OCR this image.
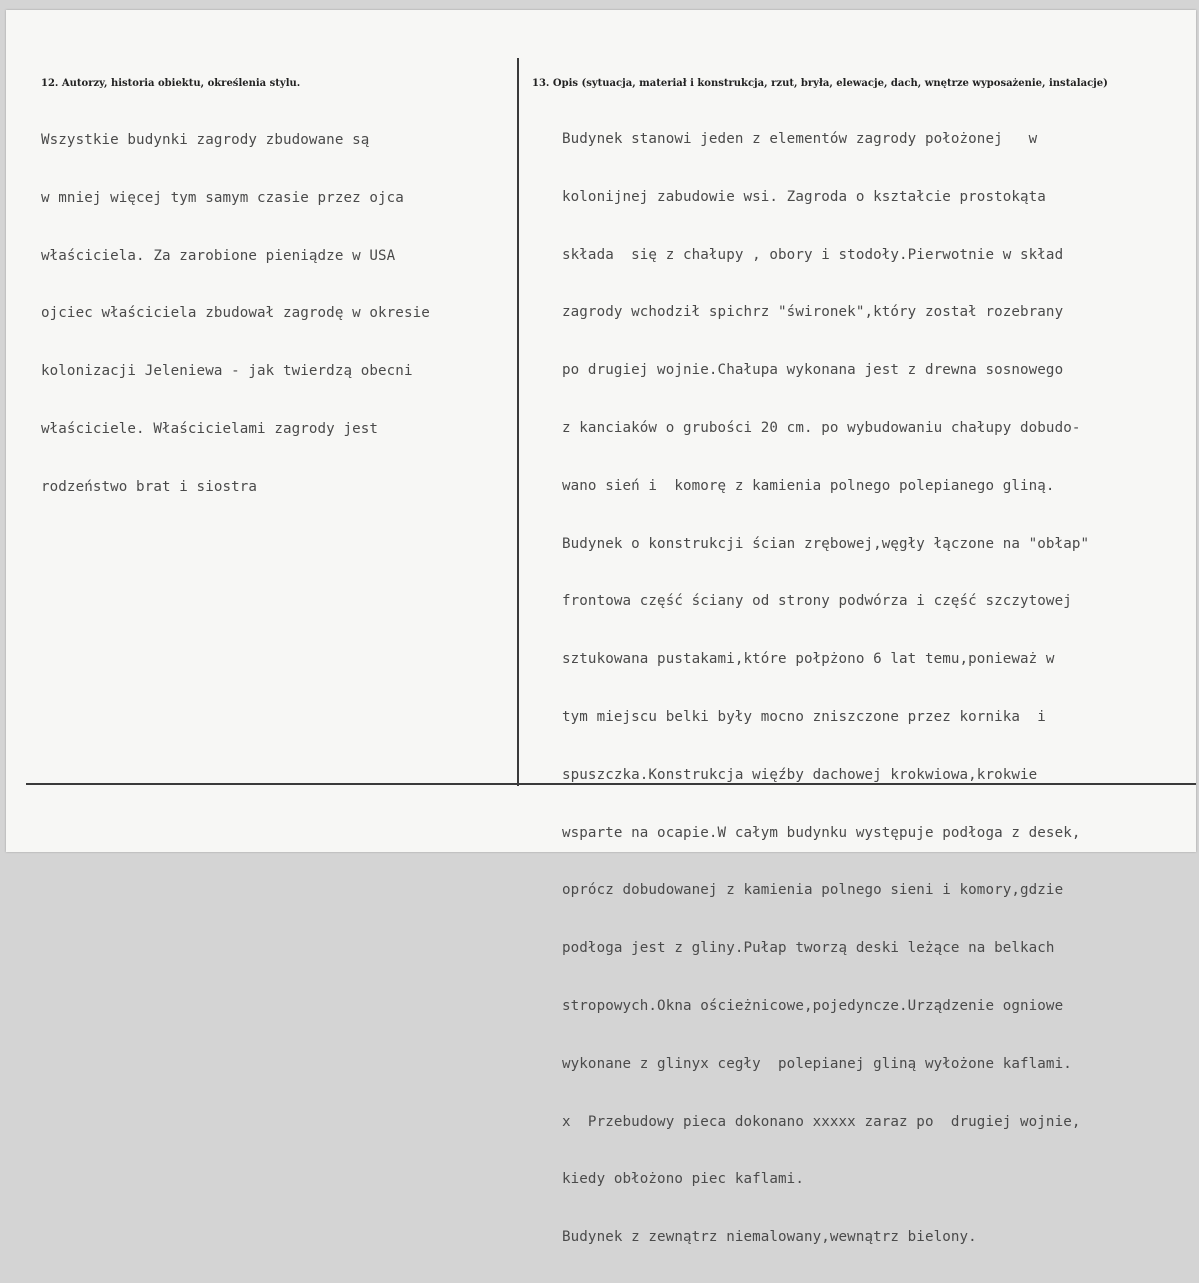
12. Autorzy, historia obiektu, określenia stylu.	13. Opis (sytuacja, materiał i konstrukcja, rzut, bryła, elewacje, dach, wnętrze wyposażenie, instalacje)

Wszystkie budynki zagrody zbudowane są

w mniej więcej tym samym czasie przez ojca

właściciela. Za zarobione pieniądze w USA

ojciec właściciela zbudował zagrodę w okresie

kolonizacji Jeleniewa - jak twierdzą obecni

właściciele. Właścicielami zagrody jest

rodzeństwo brat i siostra

Budynek stanowi jeden z elementów zagrody położonej   w

kolonijnej zabudowie wsi. Zagroda o kształcie prostokąta

składa  się z chałupy , obory i stodoły.Pierwotnie w skład

zagrody wchodził spichrz "świronek",który został rozebrany

po drugiej wojnie.Chałupa wykonana jest z drewna sosnowego

z kanciaków o grubości 20 cm. po wybudowaniu chałupy dobudo-

wano sień i  komorę z kamienia polnego polepianego gliną.

Budynek o konstrukcji ścian zrębowej,węgły łączone na "obłap"

frontowa część ściany od strony podwórza i część szczytowej

sztukowana pustakami,które połpżono 6 lat temu,ponieważ w

tym miejscu belki były mocno zniszczone przez kornika  i

spuszczka.Konstrukcja więźby dachowej krokwiowa,krokwie

wsparte na ocapie.W całym budynku występuje podłoga z desek,

oprócz dobudowanej z kamienia polnego sieni i komory,gdzie

podłoga jest z gliny.Pułap tworzą deski leżące na belkach

stropowych.Okna ościeżnicowe,pojedyncze.Urządzenie ogniowe

wykonane z glinyx cegły  polepianej gliną wyłożone kaflami.

x  Przebudowy pieca dokonano xxxxx zaraz po  drugiej wojnie,

kiedy obłożono piec kaflami.

Budynek z zewnątrz niemalowany,wewnątrz bielony.
